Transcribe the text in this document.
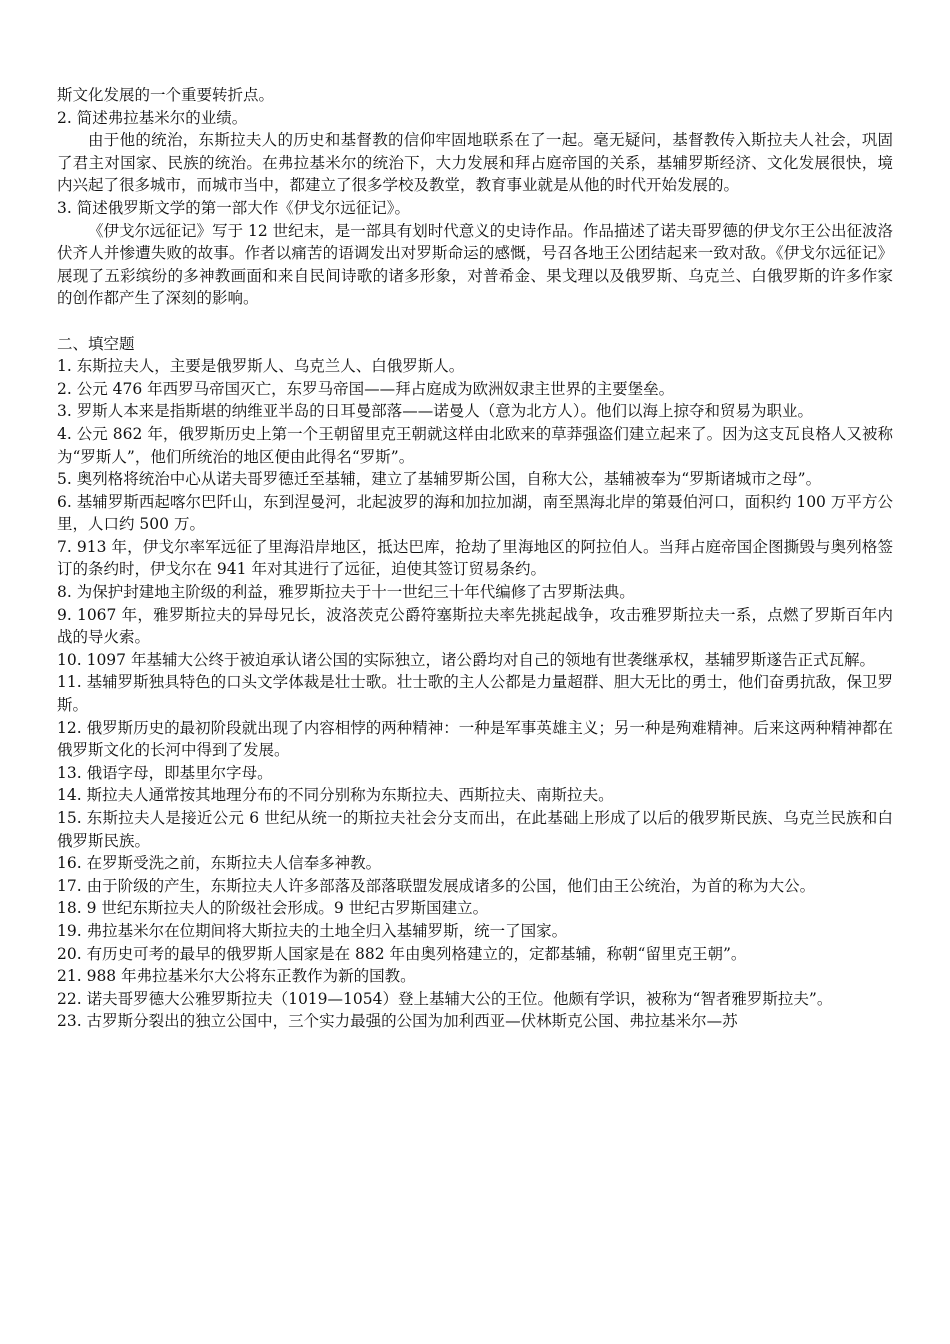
斯文化发展的一个重要转折点。

2. 简述弗拉基米尔的业绩。

由于他的统治，东斯拉夫人的历史和基督教的信仰牢固地联系在了一起。毫无疑问，基督教传入斯拉夫人社会，巩固了君主对国家、民族的统治。在弗拉基米尔的统治下，大力发展和拜占庭帝国的关系，基辅罗斯经济、文化发展很快，境内兴起了很多城市，而城市当中，都建立了很多学校及教堂，教育事业就是从他的时代开始发展的。

3. 简述俄罗斯文学的第一部大作《伊戈尔远征记》。

《伊戈尔远征记》写于 12 世纪末，是一部具有划时代意义的史诗作品。作品描述了诺夫哥罗德的伊戈尔王公出征波洛伏齐人并惨遭失败的故事。作者以痛苦的语调发出对罗斯命运的感慨，号召各地王公团结起来一致对敌。《伊戈尔远征记》展现了五彩缤纷的多神教画面和来自民间诗歌的诸多形象，对普希金、果戈理以及俄罗斯、乌克兰、白俄罗斯的许多作家的创作都产生了深刻的影响。

二、填空题

1. 东斯拉夫人，主要是俄罗斯人、乌克兰人、白俄罗斯人。

2. 公元 476 年西罗马帝国灭亡，东罗马帝国——拜占庭成为欧洲奴隶主世界的主要堡垒。

3. 罗斯人本来是指斯堪的纳维亚半岛的日耳曼部落——诺曼人（意为北方人）。他们以海上掠夺和贸易为职业。

4. 公元 862 年，俄罗斯历史上第一个王朝留里克王朝就这样由北欧来的草莽强盗们建立起来了。因为这支瓦良格人又被称为“罗斯人”，他们所统治的地区便由此得名“罗斯”。

5. 奥列格将统治中心从诺夫哥罗德迁至基辅，建立了基辅罗斯公国，自称大公，基辅被奉为“罗斯诸城市之母”。

6. 基辅罗斯西起喀尔巴阡山，东到涅曼河，北起波罗的海和加拉加湖，南至黑海北岸的第聂伯河口，面积约 100 万平方公里，人口约 500 万。

7. 913 年，伊戈尔率军远征了里海沿岸地区，抵达巴库，抢劫了里海地区的阿拉伯人。当拜占庭帝国企图撕毁与奥列格签订的条约时，伊戈尔在 941 年对其进行了远征，迫使其签订贸易条约。

8. 为保护封建地主阶级的利益，雅罗斯拉夫于十一世纪三十年代编修了古罗斯法典。

9. 1067 年，雅罗斯拉夫的异母兄长，波洛茨克公爵符塞斯拉夫率先挑起战争，攻击雅罗斯拉夫一系，点燃了罗斯百年内战的导火索。

10. 1097 年基辅大公终于被迫承认诸公国的实际独立，诸公爵均对自己的领地有世袭继承权，基辅罗斯遂告正式瓦解。

11. 基辅罗斯独具特色的口头文学体裁是壮士歌。壮士歌的主人公都是力量超群、胆大无比的勇士，他们奋勇抗敌，保卫罗斯。

12. 俄罗斯历史的最初阶段就出现了内容相悖的两种精神：一种是军事英雄主义；另一种是殉难精神。后来这两种精神都在俄罗斯文化的长河中得到了发展。

13. 俄语字母，即基里尔字母。

14. 斯拉夫人通常按其地理分布的不同分别称为东斯拉夫、西斯拉夫、南斯拉夫。

15. 东斯拉夫人是接近公元 6 世纪从统一的斯拉夫社会分支而出，在此基础上形成了以后的俄罗斯民族、乌克兰民族和白俄罗斯民族。

16. 在罗斯受洗之前，东斯拉夫人信奉多神教。

17. 由于阶级的产生，东斯拉夫人许多部落及部落联盟发展成诸多的公国，他们由王公统治，为首的称为大公。

18. 9 世纪东斯拉夫人的阶级社会形成。9 世纪古罗斯国建立。

19. 弗拉基米尔在位期间将大斯拉夫的土地全归入基辅罗斯，统一了国家。

20. 有历史可考的最早的俄罗斯人国家是在 882 年由奥列格建立的，定都基辅，称朝“留里克王朝”。

21. 988 年弗拉基米尔大公将东正教作为新的国教。

22. 诺夫哥罗德大公雅罗斯拉夫（1019—1054）登上基辅大公的王位。他颇有学识，被称为“智者雅罗斯拉夫”。

23. 古罗斯分裂出的独立公国中，三个实力最强的公国为加利西亚—伏林斯克公国、弗拉基米尔—苏
